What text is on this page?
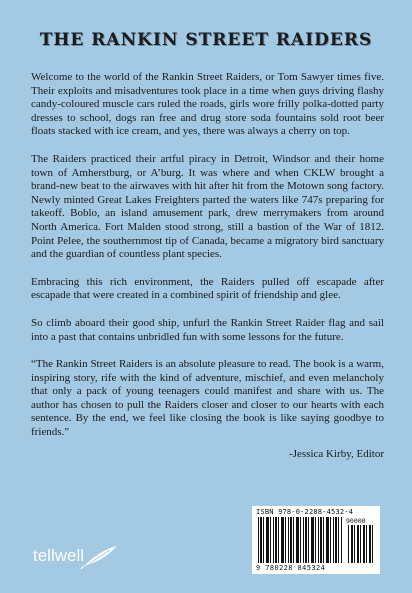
THE RANKIN STREET RAIDERS

Welcome to the world of the Rankin Street Raiders, or Tom Sawyer times five. Their exploits and misadventures took place in a time when guys driving flashy candy-coloured muscle cars ruled the roads, girls wore frilly polka-dotted party dresses to school, dogs ran free and drug store soda fountains sold root beer floats stacked with ice cream, and yes, there was always a cherry on top.

The Raiders practiced their artful piracy in Detroit, Windsor and their home town of Amherstburg, or A’burg. It was where and when CKLW brought a brand-new beat to the airwaves with hit after hit from the Motown song factory. Newly minted Great Lakes Freighters parted the waters like 747s preparing for takeoff. Boblo, an island amusement park, drew merrymakers from around North America. Fort Malden stood strong, still a bastion of the War of 1812. Point Pelee, the southernmost tip of Canada, became a migratory bird sanctuary and the guardian of countless plant species.

Embracing this rich environment, the Raiders pulled off escapade after escapade that were created in a combined spirit of friendship and glee.

So climb aboard their good ship, unfurl the Rankin Street Raider flag and sail into a past that contains unbridled fun with some lessons for the future.

“The Rankin Street Raiders is an absolute pleasure to read. The book is a warm, inspiring story, rife with the kind of adventure, mischief, and even melancholy that only a pack of young teenagers could manifest and share with us. The author has chosen to pull the Raiders closer and closer to our hearts with each sentence. By the end, we feel like closing the book is like saying goodbye to friends.”

-Jessica Kirby, Editor

ISBN 978-0-2288-4532-4
90000
9 780228 845324
tellwell
